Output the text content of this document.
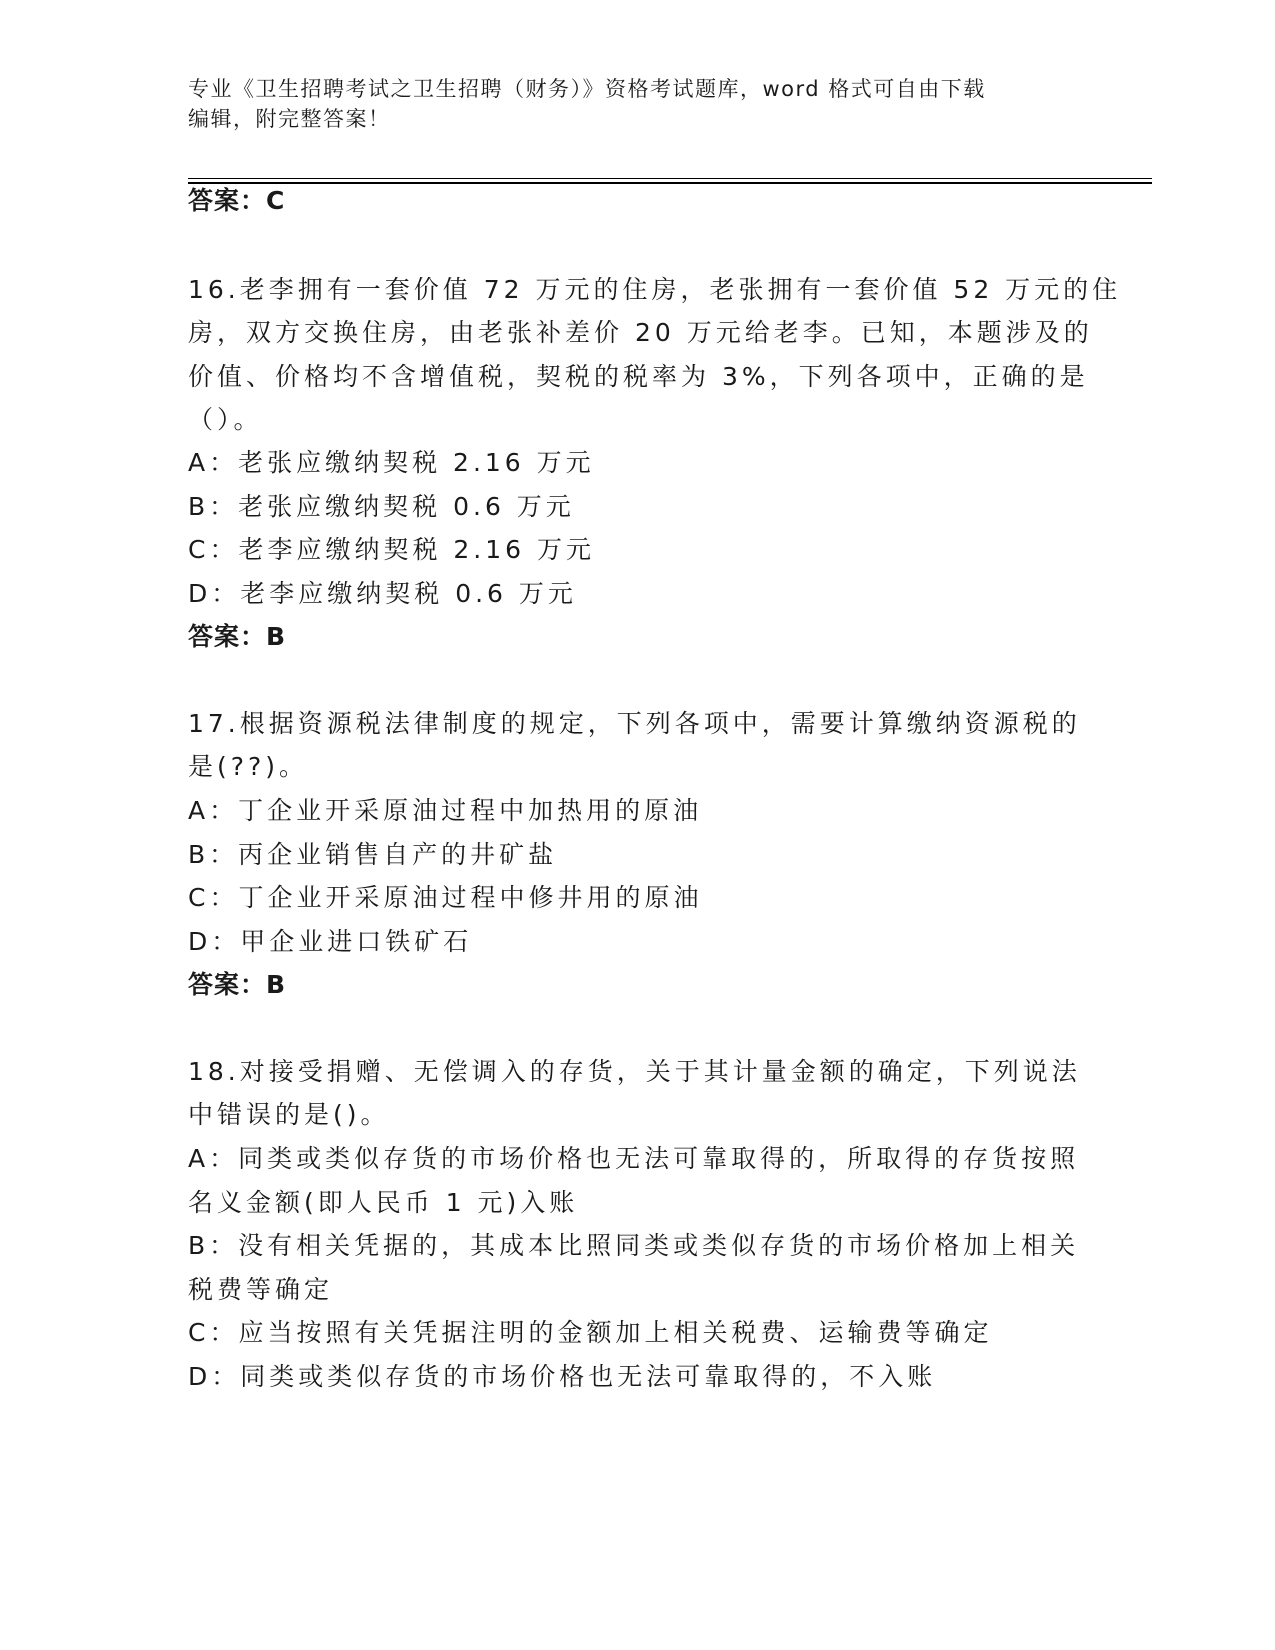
专业《卫生招聘考试之卫生招聘（财务）》资格考试题库，word 格式可自由下载
编辑，附完整答案！
答案：C
16.老李拥有一套价值 72 万元的住房，老张拥有一套价值 52 万元的住
房，双方交换住房，由老张补差价 20 万元给老李。已知，本题涉及的
价值、价格均不含增值税，契税的税率为 3%，下列各项中，正确的是
（）。
A：老张应缴纳契税 2.16 万元
B：老张应缴纳契税 0.6 万元
C：老李应缴纳契税 2.16 万元
D：老李应缴纳契税 0.6 万元
答案：B
17.根据资源税法律制度的规定，下列各项中，需要计算缴纳资源税的
是(??)。
A：丁企业开采原油过程中加热用的原油
B：丙企业销售自产的井矿盐
C：丁企业开采原油过程中修井用的原油
D：甲企业进口铁矿石
答案：B
18.对接受捐赠、无偿调入的存货，关于其计量金额的确定，下列说法
中错误的是()。
A：同类或类似存货的市场价格也无法可靠取得的，所取得的存货按照
名义金额(即人民币 1 元)入账
B：没有相关凭据的，其成本比照同类或类似存货的市场价格加上相关
税费等确定
C：应当按照有关凭据注明的金额加上相关税费、运输费等确定
D：同类或类似存货的市场价格也无法可靠取得的，不入账
